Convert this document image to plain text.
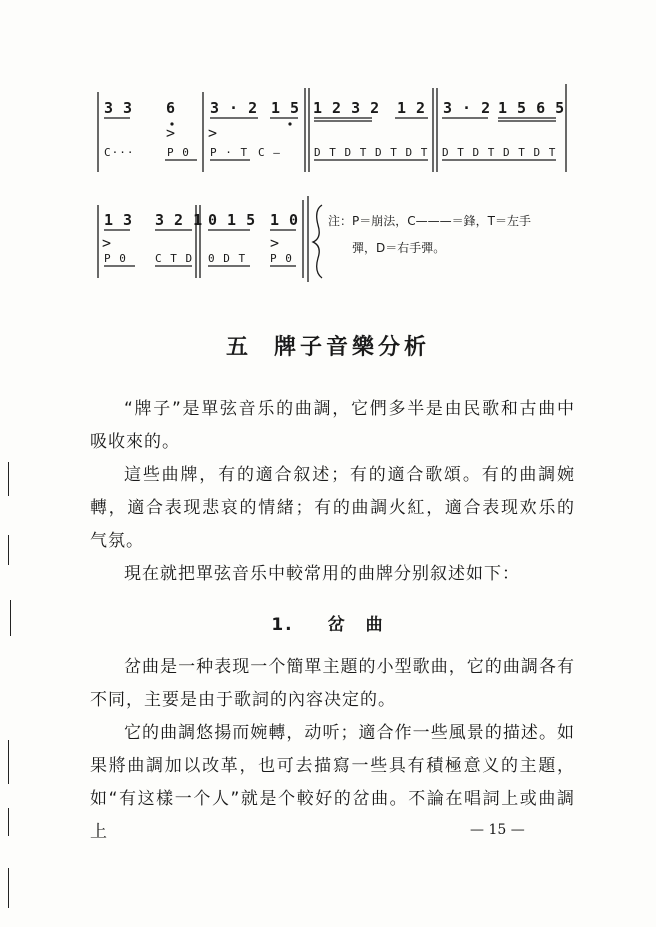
3 3 6 3 · 2 1 5 1 2 3 2 1 2 3 · 2 1 5 6 5
> >
C···	P 0 P · T C —	D T D T D T D T D T D T D T D T
1 3 3 2 1 0 1 5 1 0
>	>
P 0	C T D 0 D T P 0
注：P＝崩法，C———＝鋒，T＝左手
彈，D＝右手彈。
五 牌子音樂分析

“牌子”是單弦音乐的曲調，它們多半是由民歌和古曲中吸收來的。

這些曲牌，有的適合叙述；有的適合歌頌。有的曲調婉轉，適合表现悲哀的情緒；有的曲調火紅，適合表现欢乐的气氛。

現在就把單弦音乐中較常用的曲牌分别叙述如下：

1. 岔　曲

岔曲是一种表现一个簡單主題的小型歌曲，它的曲調各有不同，主要是由于歌詞的內容决定的。

它的曲調悠揚而婉轉，动听；適合作一些風景的描述。如果將曲調加以改革，也可去描寫一些具有積極意义的主題，如“有这樣一个人”就是个較好的岔曲。不論在唱詞上或曲調上	— 15 —
